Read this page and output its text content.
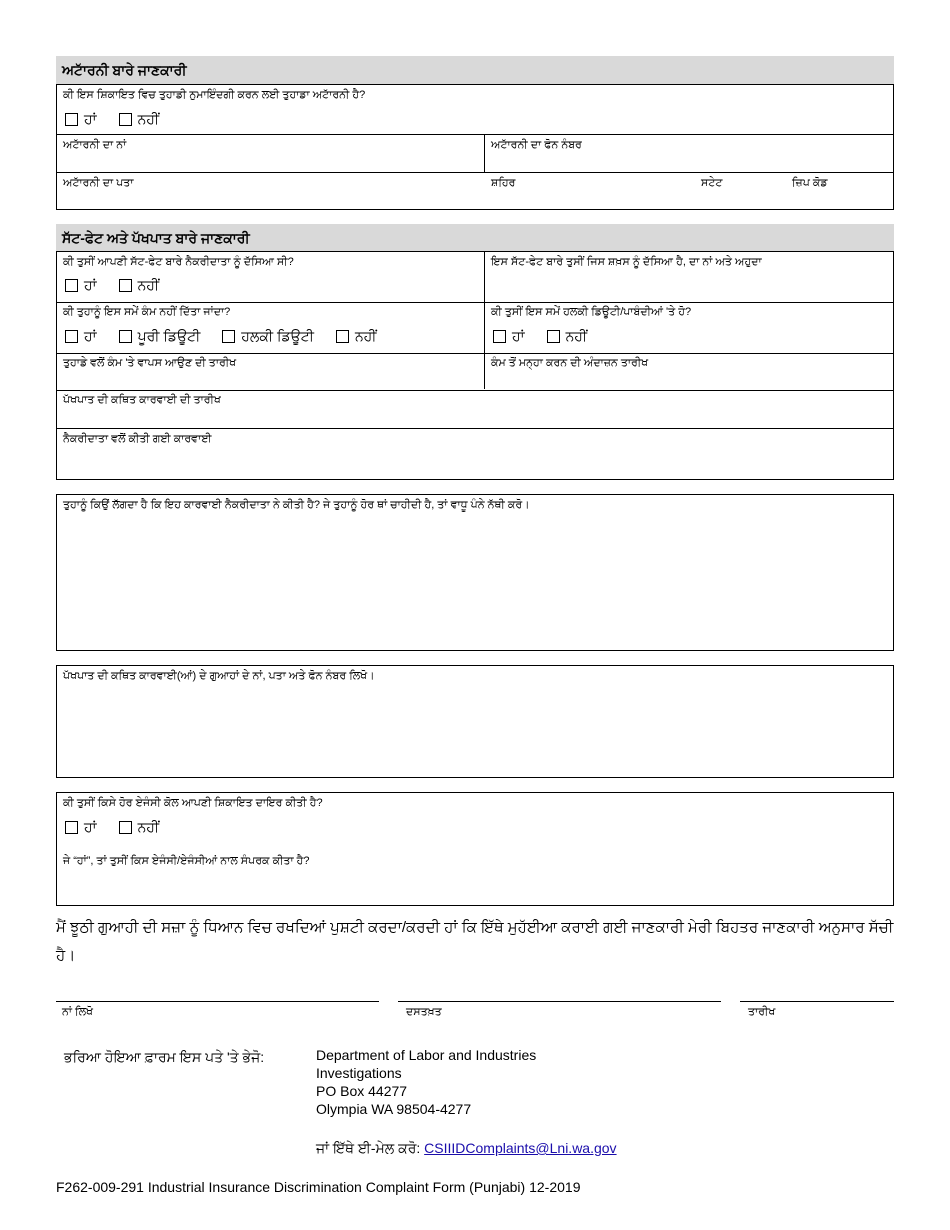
ਅਟਾੱਰਨੀ ਬਾਰੇ ਜਾਣਕਾਰੀ
ਕੀ ਇਸ ਸ਼ਿਕਾਇਤ ਵਿਚ ਤੁਹਾਡੀ ਨੁਮਾਇੰਦਗੀ ਕਰਨ ਲਈ ਤੁਹਾਡਾ ਅਟਾੱਰਨੀ ਹੈ?
ਹਾਂ	ਨਹੀਂ
ਅਟਾੱਰਨੀ ਦਾ ਨਾਂ	ਅਟਾੱਰਨੀ ਦਾ ਫੋਨ ਨੰਬਰ
ਅਟਾੱਰਨੀ ਦਾ ਪਤਾ	ਸ਼ਹਿਰ	ਸਟੇਟ	ਜ਼ਿਪ ਕੋਡ
ਸੱਟ-ਫੇਟ ਅਤੇ ਪੱਖਪਾਤ ਬਾਰੇ ਜਾਣਕਾਰੀ
ਕੀ ਤੁਸੀਂ ਆਪਣੀ ਸੱਟ-ਫੇਟ ਬਾਰੇ ਨੈਕਰੀਦਾਤਾ ਨੂੰ ਦੱਸਿਆ ਸੀ?
ਹਾਂ	ਨਹੀਂ
ਇਸ ਸੱਟ-ਫੇਟ ਬਾਰੇ ਤੁਸੀਂ ਜਿਸ ਸ਼ਖ਼ਸ ਨੂੰ ਦੱਸਿਆ ਹੈ, ਦਾ ਨਾਂ ਅਤੇ ਅਹੁਦਾ
ਕੀ ਤੁਹਾਨੂੰ ਇਸ ਸਮੇਂ ਕੰਮ ਨਹੀਂ ਦਿੱਤਾ ਜਾਂਦਾ?
ਹਾਂ	ਪੂਰੀ ਡਿਊਟੀ	ਹਲਕੀ ਡਿਊਟੀ	ਨਹੀਂ
ਕੀ ਤੁਸੀਂ ਇਸ ਸਮੇਂ ਹਲਕੀ ਡਿਊਟੀ/ਪਾਬੰਦੀਆਂ 'ਤੇ ਹੋ?
ਹਾਂ	ਨਹੀਂ
ਤੁਹਾਡੇ ਵਲੋਂ ਕੰਮ 'ਤੇ ਵਾਪਸ ਆਉਣ ਦੀ ਤਾਰੀਖ	ਕੰਮ ਤੋਂ ਮਨ੍ਹਾ ਕਰਨ ਦੀ ਅੰਦਾਜ਼ਨ ਤਾਰੀਖ
ਪੱਖਪਾਤ ਦੀ ਕਥਿਤ ਕਾਰਵਾਈ ਦੀ ਤਾਰੀਖ
ਨੈਕਰੀਦਾਤਾ ਵਲੋਂ ਕੀਤੀ ਗਈ ਕਾਰਵਾਈ
ਤੁਹਾਨੂੰ ਕਿਉਂ ਲੱਗਦਾ ਹੈ ਕਿ ਇਹ ਕਾਰਵਾਈ ਨੈਕਰੀਦਾਤਾ ਨੇ ਕੀਤੀ ਹੈ? ਜੇ ਤੁਹਾਨੂੰ ਹੋਰ ਥਾਂ ਚਾਹੀਦੀ ਹੈ, ਤਾਂ ਵਾਧੂ ਪੰਨੇ ਨੱਥੀ ਕਰੋ।
ਪੱਖਪਾਤ ਦੀ ਕਥਿਤ ਕਾਰਵਾਈ(ਆਂ) ਦੇ ਗੁਆਹਾਂ ਦੇ ਨਾਂ, ਪਤਾ ਅਤੇ ਫੋਨ ਨੰਬਰ ਲਿਖੋ।
ਕੀ ਤੁਸੀਂ ਕਿਸੇ ਹੋਰ ਏਜੰਸੀ ਕੋਲ ਆਪਣੀ ਸ਼ਿਕਾਇਤ ਦਾਇਰ ਕੀਤੀ ਹੈ?
ਹਾਂ	ਨਹੀਂ
ਜੇ “ਹਾਂ”, ਤਾਂ ਤੁਸੀਂ ਕਿਸ ਏਜੰਸੀ/ਏਜੰਸੀਆਂ ਨਾਲ ਸੰਪਰਕ ਕੀਤਾ ਹੈ?
ਮੈਂ ਝੂਠੀ ਗੁਆਹੀ ਦੀ ਸਜ਼ਾ ਨੂੰ ਧਿਆਨ ਵਿਚ ਰਖਦਿਆਂ ਪੁਸ਼ਟੀ ਕਰਦਾ/ਕਰਦੀ ਹਾਂ ਕਿ ਇੱਥੇ ਮੁਹੱਈਆ ਕਰਾਈ ਗਈ ਜਾਣਕਾਰੀ ਮੇਰੀ ਬਿਹਤਰ ਜਾਣਕਾਰੀ ਅਨੁਸਾਰ ਸੱਚੀ ਹੈ।
ਨਾਂ ਲਿਖੋ	ਦਸਤਖ਼ਤ	ਤਾਰੀਖ
ਭਰਿਆ ਹੋਇਆ ਫ਼ਾਰਮ ਇਸ ਪਤੇ 'ਤੇ ਭੇਜੋ:	Department of Labor and Industries
Investigations
PO Box 44277
Olympia WA 98504-4277
ਜਾਂ ਇੱਥੇ ਈ-ਮੇਲ ਕਰੋ: CSIIIDComplaints@Lni.wa.gov
F262-009-291 Industrial Insurance Discrimination Complaint Form (Punjabi) 12-2019
